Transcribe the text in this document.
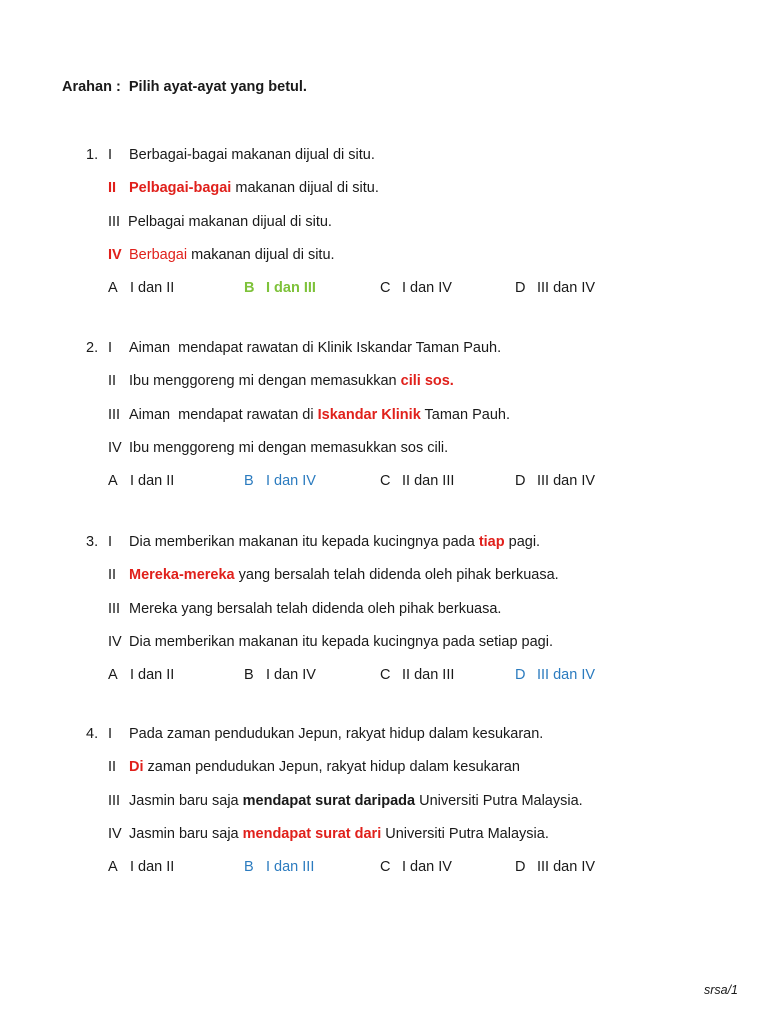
Arahan :  Pilih ayat-ayat yang betul.
1. I Berbagai-bagai makanan dijual di situ.
II Pelbagai-bagai makanan dijual di situ.
III Pelbagai makanan dijual di situ.
IV Berbagai makanan dijual di situ.
A I dan II	B I dan III	C I dan IV	D III dan IV
2. I Aiman  mendapat rawatan di Klinik Iskandar Taman Pauh.
II Ibu menggoreng mi dengan memasukkan cili sos.
III Aiman  mendapat rawatan di Iskandar Klinik Taman Pauh.
IV Ibu menggoreng mi dengan memasukkan sos cili.
A I dan II	B I dan IV	C II dan III	D III dan IV
3. I Dia memberikan makanan itu kepada kucingnya pada tiap pagi.
II Mereka-mereka yang bersalah telah didenda oleh pihak berkuasa.
III Mereka yang bersalah telah didenda oleh pihak berkuasa.
IV Dia memberikan makanan itu kepada kucingnya pada setiap pagi.
A I dan II	B I dan IV	C II dan III	D III dan IV
4. I Pada zaman pendudukan Jepun, rakyat hidup dalam kesukaran.
II Di zaman pendudukan Jepun, rakyat hidup dalam kesukaran
III Jasmin baru saja mendapat surat daripada Universiti Putra Malaysia.
IV Jasmin baru saja mendapat surat dari Universiti Putra Malaysia.
A I dan II	B I dan III	C I dan IV	D III dan IV
srsa/1
